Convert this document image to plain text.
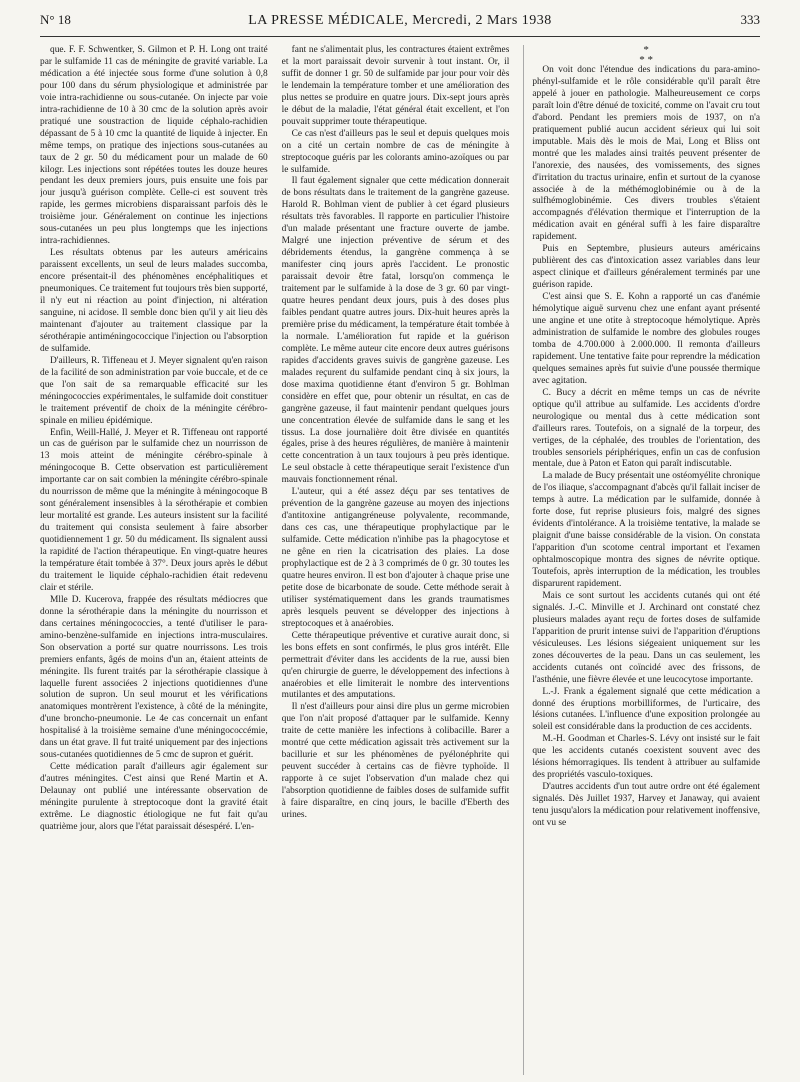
N° 18	LA PRESSE MÉDICALE, Mercredi, 2 Mars 1938	333

que. F. F. Schwentker, S. Gilmon et P. H. Long ont traité par le sulfamide 11 cas de méningite de gravité variable. La médication a été injectée sous forme d'une solution à 0,8 pour 100 dans du sérum physiologique et administrée par voie intra-rachidienne ou sous-cutanée. On injecte par voie intra-rachidienne de 10 à 30 cmc de la solution après avoir pratiqué une soustraction de liquide céphalo-rachidien dépassant de 5 à 10 cmc la quantité de liquide à injecter. En même temps, on pratique des injections sous-cutanées au taux de 2 gr. 50 du médicament pour un malade de 60 kilogr. Les injections sont répétées toutes les douze heures pendant les deux premiers jours, puis ensuite une fois par jour jusqu'à guérison complète. Celle-ci est souvent très rapide, les germes microbiens disparaissant parfois dès le troisième jour. Généralement on continue les injections sous-cutanées un peu plus longtemps que les injections intra-rachidiennes.

Les résultats obtenus par les auteurs américains paraissent excellents, un seul de leurs malades succomba, encore présentait-il des phénomènes encéphalitiques et pneumoniques. Ce traitement fut toujours très bien supporté, il n'y eut ni réaction au point d'injection, ni altération sanguine, ni acidose. Il semble donc bien qu'il y ait lieu dès maintenant d'ajouter au traitement classique par la sérothérapie antiméningococcique l'injection ou l'absorption de sulfamide.

D'ailleurs, R. Tiffeneau et J. Meyer signalent qu'en raison de la facilité de son administration par voie buccale, et de ce que l'on sait de sa remarquable efficacité sur les méningococcies expérimentales, le sulfamide doit constituer le traitement préventif de choix de la méningite cérébro-spinale en milieu épidémique.

Enfin, Weill-Hallé, J. Meyer et R. Tiffeneau ont rapporté un cas de guérison par le sulfamide chez un nourrisson de 13 mois atteint de méningite cérébro-spinale à méningocoque B. Cette observation est particulièrement importante car on sait combien la méningite cérébro-spinale du nourrisson de même que la méningite à méningocoque B sont généralement insensibles à la sérothérapie et combien leur mortalité est grande. Les auteurs insistent sur la facilité du traitement qui consista seulement à faire absorber quotidiennement 1 gr. 50 du médicament. Ils signalent aussi la rapidité de l'action thérapeutique. En vingt-quatre heures la température était tombée à 37°. Deux jours après le début du traitement le liquide céphalo-rachidien était redevenu clair et stérile.

Mlle D. Kucerova, frappée des résultats médiocres que donne la sérothérapie dans la méningite du nourrisson et dans certaines méningococcies, a tenté d'utiliser le para-amino-benzène-sulfamide en injections intra-musculaires. Son observation a porté sur quatre nourrissons. Les trois premiers enfants, âgés de moins d'un an, étaient atteints de méningite. Ils furent traités par la sérothérapie classique à laquelle furent associées 2 injections quotidiennes d'une solution de supron. Un seul mourut et les vérifications anatomiques montrèrent l'existence, à côté de la méningite, d'une broncho-pneumonie. Le 4e cas concernait un enfant hospitalisé à la troisième semaine d'une méningococcémie, dans un état grave. Il fut traité uniquement par des injections sous-cutanées quotidiennes de 5 cmc de supron et guérit.

Cette médication paraît d'ailleurs agir également sur d'autres méningites. C'est ainsi que René Martin et A. Delaunay ont publié une intéressante observation de méningite purulente à streptocoque dont la gravité était extrême. Le diagnostic étiologique ne fut fait qu'au quatrième jour, alors que l'état paraissait désespéré. L'en-

fant ne s'alimentait plus, les contractures étaient extrêmes et la mort paraissait devoir survenir à tout instant. Or, il suffit de donner 1 gr. 50 de sulfamide par jour pour voir dès le lendemain la température tomber et une amélioration des plus nettes se produire en quatre jours. Dix-sept jours après le début de la maladie, l'état général était excellent, et l'on pouvait supprimer toute thérapeutique.

Ce cas n'est d'ailleurs pas le seul et depuis quelques mois on a cité un certain nombre de cas de méningite à streptocoque guéris par les colorants amino-azoïques ou par le sulfamide.

Il faut également signaler que cette médication donnerait de bons résultats dans le traitement de la gangrène gazeuse. Harold R. Bohlman vient de publier à cet égard plusieurs résultats très favorables. Il rapporte en particulier l'histoire d'un malade présentant une fracture ouverte de jambe. Malgré une injection préventive de sérum et des débridements étendus, la gangrène commença à se manifester cinq jours après l'accident. Le pronostic paraissait devoir être fatal, lorsqu'on commença le traitement par le sulfamide à la dose de 3 gr. 60 par vingt-quatre heures pendant deux jours, puis à des doses plus faibles pendant quatre autres jours. Dix-huit heures après la première prise du médicament, la température était tombée à la normale. L'amélioration fut rapide et la guérison complète. Le même auteur cite encore deux autres guérisons rapides d'accidents graves suivis de gangrène gazeuse. Les malades reçurent du sulfamide pendant cinq à six jours, la dose maxima quotidienne étant d'environ 5 gr. Bohlman considère en effet que, pour obtenir un résultat, en cas de gangrène gazeuse, il faut maintenir pendant quelques jours une concentration élevée de sulfamide dans le sang et les tissus. La dose journalière doit être divisée en quantités égales, prise à des heures régulières, de manière à maintenir cette concentration à un taux toujours à peu près identique. Le seul obstacle à cette thérapeutique serait l'existence d'un mauvais fonctionnement rénal.

L'auteur, qui a été assez déçu par ses tentatives de prévention de la gangrène gazeuse au moyen des injections d'antitoxine antigangréneuse polyvalente, recommande, dans ces cas, une thérapeutique prophylactique par le sulfamide. Cette médication n'inhibe pas la phagocytose et ne gêne en rien la cicatrisation des plaies. La dose prophylactique est de 2 à 3 comprimés de 0 gr. 30 toutes les quatre heures environ. Il est bon d'ajouter à chaque prise une petite dose de bicarbonate de soude. Cette méthode serait à utiliser systématiquement dans les grands traumatismes après lesquels peuvent se développer des injections à streptocoques et à anaérobies.

Cette thérapeutique préventive et curative aurait donc, si les bons effets en sont confirmés, le plus gros intérêt. Elle permettrait d'éviter dans les accidents de la rue, aussi bien qu'en chirurgie de guerre, le développement des infections à anaérobies et elle limiterait le nombre des interventions mutilantes et des amputations.

Il n'est d'ailleurs pour ainsi dire plus un germe microbien que l'on n'ait proposé d'attaquer par le sulfamide. Kenny traite de cette manière les infections à colibacille. Barer a montré que cette médication agissait très activement sur la bacillurie et sur les phénomènes de pyélonéphrite qui peuvent succéder à certains cas de fièvre typhoïde. Il rapporte à ce sujet l'observation d'un malade chez qui l'absorption quotidienne de faibles doses de sulfamide suffit à faire disparaître, en cinq jours, le bacille d'Eberth des urines.

*

* *

On voit donc l'étendue des indications du para-amino-phényl-sulfamide et le rôle considérable qu'il paraît être appelé à jouer en pathologie. Malheureusement ce corps paraît loin d'être dénué de toxicité, comme on l'avait cru tout d'abord. Pendant les premiers mois de 1937, on n'a pratiquement publié aucun accident sérieux qui lui soit imputable. Mais dès le mois de Mai, Long et Bliss ont montré que les malades ainsi traités peuvent présenter de l'anorexie, des nausées, des vomissements, des signes d'irritation du tractus urinaire, enfin et surtout de la cyanose associée à de la méthémoglobinémie ou à de la sulfhémoglobinémie. Ces divers troubles s'étaient accompagnés d'élévation thermique et l'interruption de la médication avait en général suffi à les faire disparaître rapidement.

Puis en Septembre, plusieurs auteurs américains publièrent des cas d'intoxication assez variables dans leur aspect clinique et d'ailleurs généralement terminés par une guérison rapide.

C'est ainsi que S. E. Kohn a rapporté un cas d'anémie hémolytique aiguë survenu chez une enfant ayant présenté une angine et une otite à streptocoque hémolytique. Après administration de sulfamide le nombre des globules rouges tomba de 4.700.000 à 2.000.000. Il remonta d'ailleurs rapidement. Une tentative faite pour reprendre la médication quelques semaines après fut suivie d'une poussée thermique avec agitation.

C. Bucy a décrit en même temps un cas de névrite optique qu'il attribue au sulfamide. Les accidents d'ordre neurologique ou mental dus à cette médication sont d'ailleurs rares. Toutefois, on a signalé de la torpeur, des vertiges, de la céphalée, des troubles de l'orientation, des troubles sensoriels périphériques, enfin un cas de confusion mentale, due à Paton et Eaton qui paraît indiscutable.

La malade de Bucy présentait une ostéomyélite chronique de l'os iliaque, s'accompagnant d'abcès qu'il fallait inciser de temps à autre. La médication par le sulfamide, donnée à forte dose, fut reprise plusieurs fois, malgré des signes évidents d'intolérance. A la troisième tentative, la malade se plaignit d'une baisse considérable de la vision. On constata l'apparition d'un scotome central important et l'examen ophtalmoscopique montra des signes de névrite optique. Toutefois, après interruption de la médication, les troubles disparurent rapidement.

Mais ce sont surtout les accidents cutanés qui ont été signalés. J.-C. Minville et J. Archinard ont constaté chez plusieurs malades ayant reçu de fortes doses de sulfamide l'apparition de prurit intense suivi de l'apparition d'éruptions vésiculeuses. Les lésions siégeaient uniquement sur les zones découvertes de la peau. Dans un cas seulement, les accidents cutanés ont coïncidé avec des frissons, de l'asthénie, une fièvre élevée et une leucocytose importante.

L.-J. Frank a également signalé que cette médication a donné des éruptions morbilliformes, de l'urticaire, des lésions cutanées. L'influence d'une exposition prolongée au soleil est considérable dans la production de ces accidents.

M.-H. Goodman et Charles-S. Lévy ont insisté sur le fait que les accidents cutanés coexistent souvent avec des lésions hémorragiques. Ils tendent à attribuer au sulfamide des propriétés vasculo-toxiques.

D'autres accidents d'un tout autre ordre ont été également signalés. Dès Juillet 1937, Harvey et Janaway, qui avaient tenu jusqu'alors la médication pour relativement inoffensive, ont vu se
